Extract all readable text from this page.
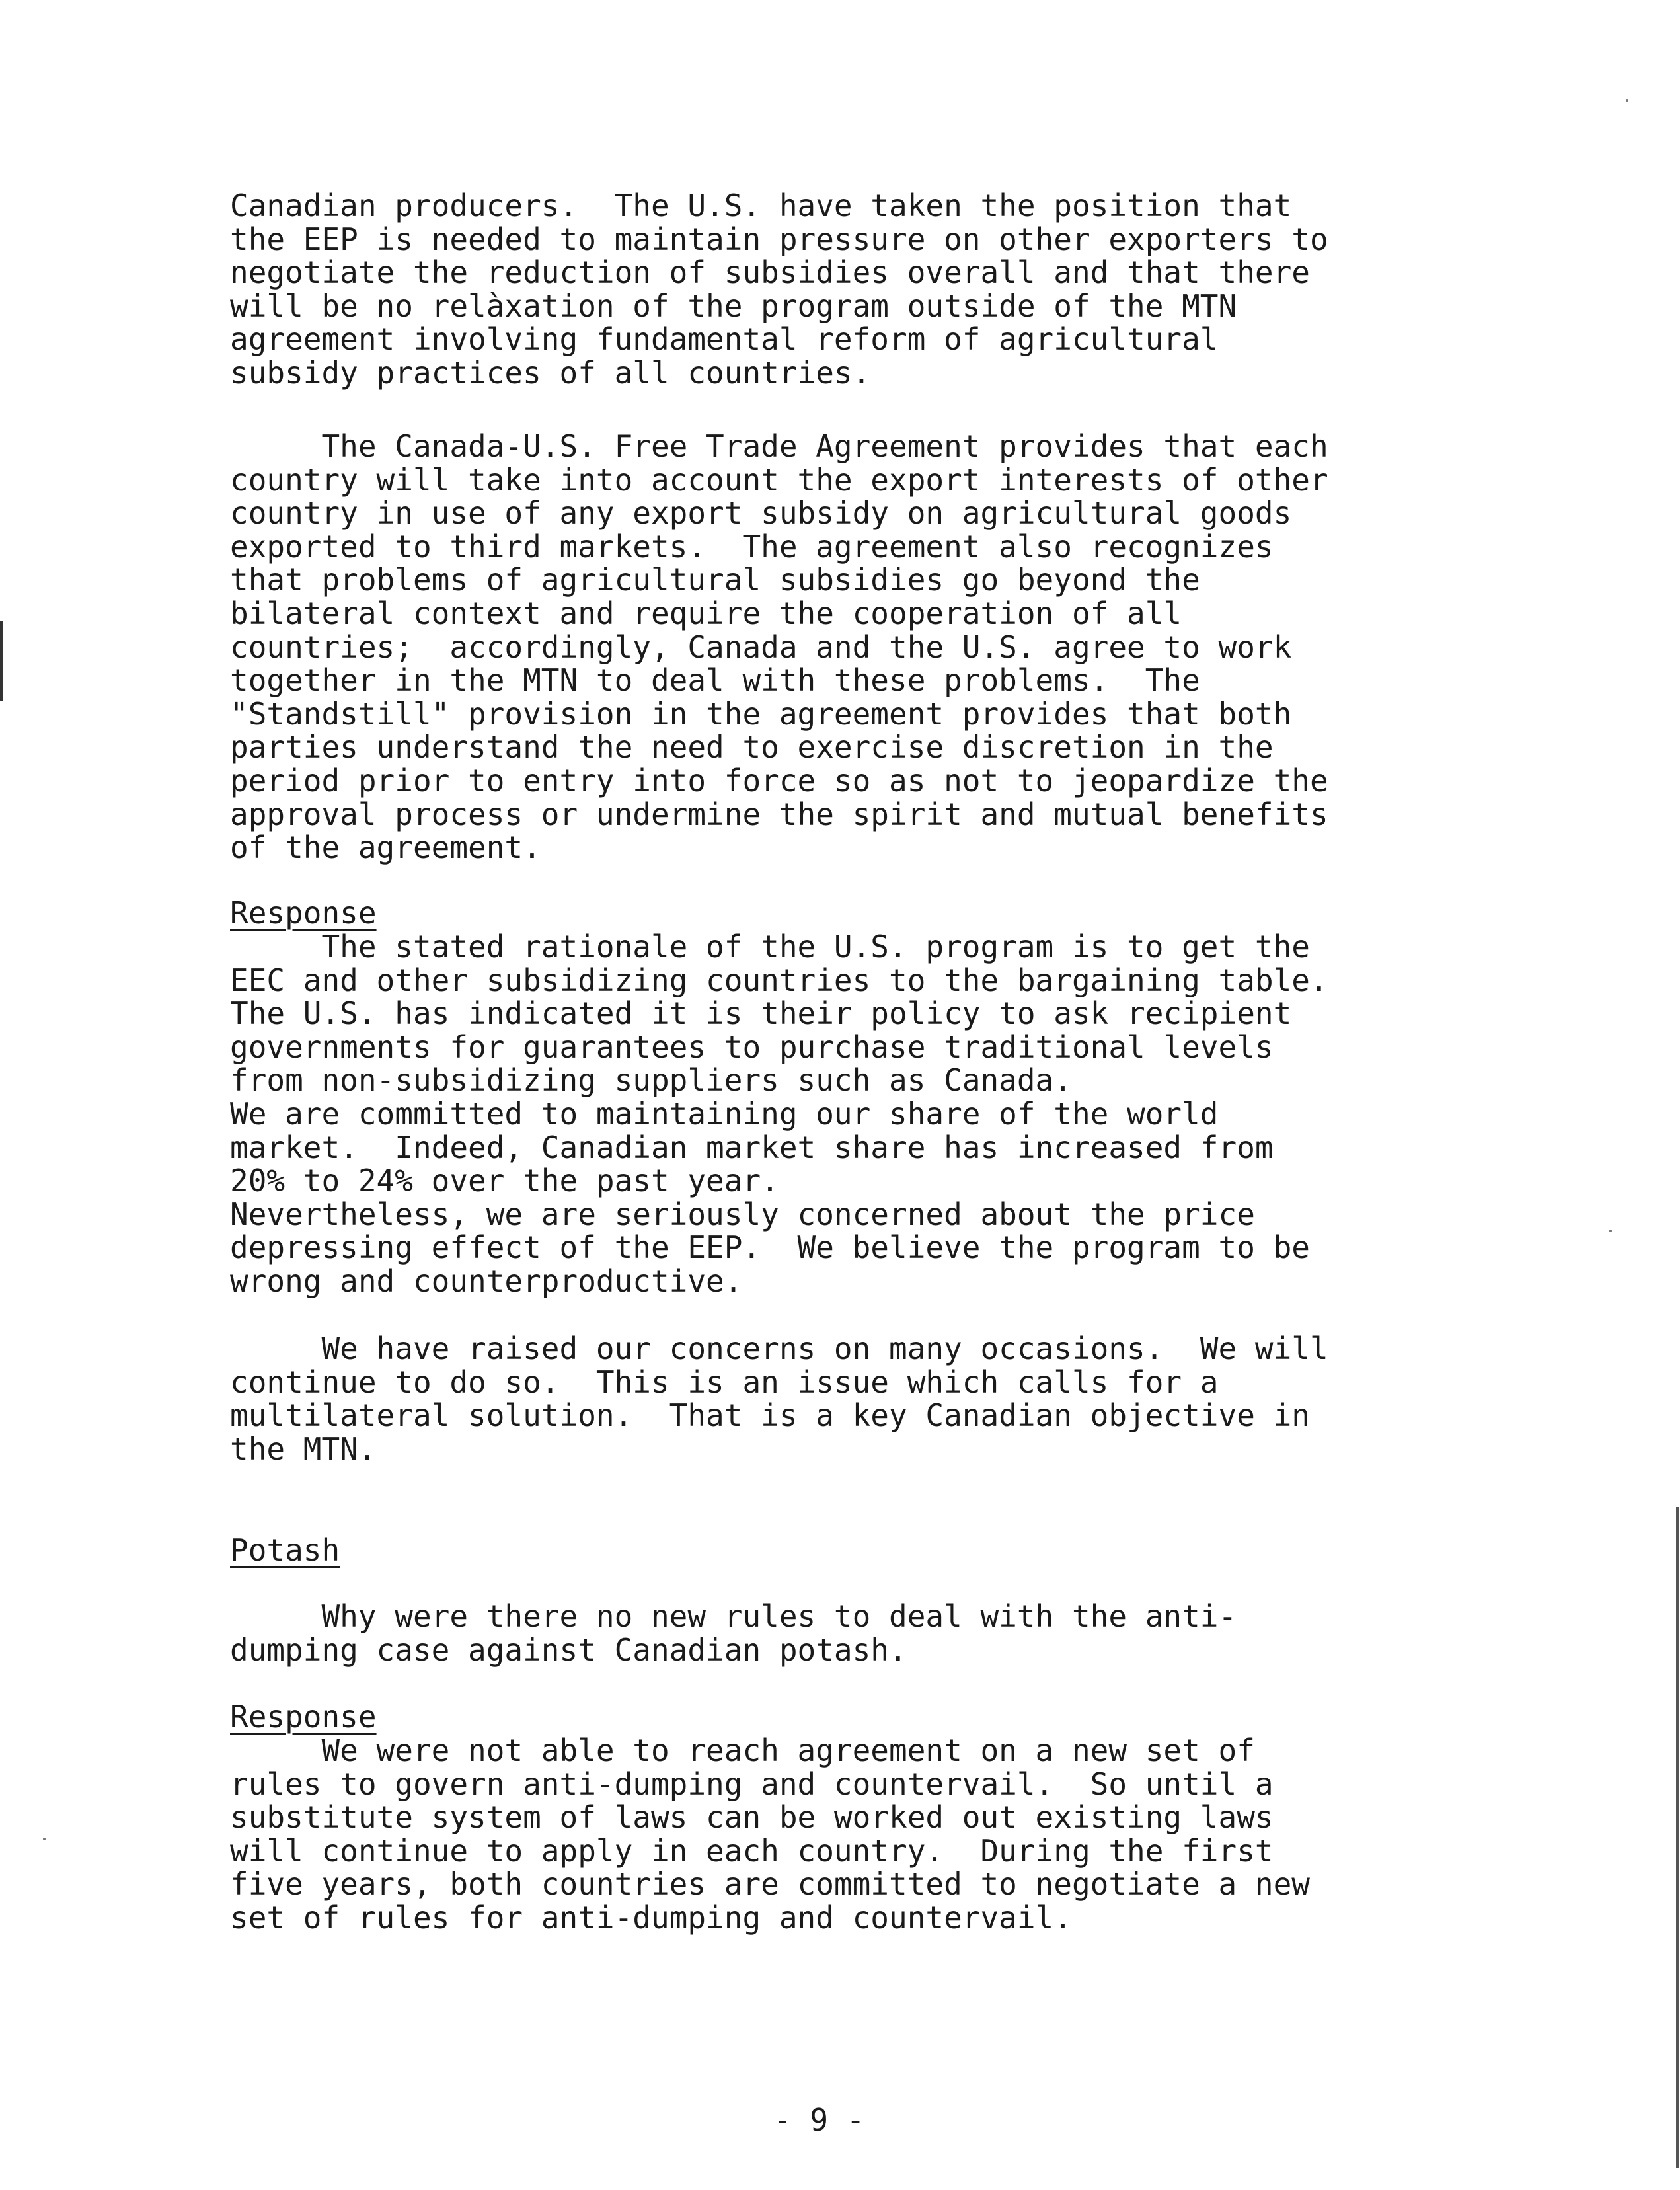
Canadian producers.  The U.S. have taken the position that
the EEP is needed to maintain pressure on other exporters to
negotiate the reduction of subsidies overall and that there
will be no relàxation of the program outside of the MTN
agreement involving fundamental reform of agricultural
subsidy practices of all countries.
The Canada-U.S. Free Trade Agreement provides that each
country will take into account the export interests of other
country in use of any export subsidy on agricultural goods
exported to third markets.  The agreement also recognizes
that problems of agricultural subsidies go beyond the
bilateral context and require the cooperation of all
countries;  accordingly, Canada and the U.S. agree to work
together in the MTN to deal with these problems.  The
"Standstill" provision in the agreement provides that both
parties understand the need to exercise discretion in the
period prior to entry into force so as not to jeopardize the
approval process or undermine the spirit and mutual benefits
of the agreement.
Response
The stated rationale of the U.S. program is to get the
EEC and other subsidizing countries to the bargaining table.
The U.S. has indicated it is their policy to ask recipient
governments for guarantees to purchase traditional levels
from non-subsidizing suppliers such as Canada.
We are committed to maintaining our share of the world
market.  Indeed, Canadian market share has increased from
20% to 24% over the past year.
Nevertheless, we are seriously concerned about the price
depressing effect of the EEP.  We believe the program to be
wrong and counterproductive.
We have raised our concerns on many occasions.  We will
continue to do so.  This is an issue which calls for a
multilateral solution.  That is a key Canadian objective in
the MTN.
Potash
Why were there no new rules to deal with the anti-
dumping case against Canadian potash.
Response
We were not able to reach agreement on a new set of
rules to govern anti-dumping and countervail.  So until a
substitute system of laws can be worked out existing laws
will continue to apply in each country.  During the first
five years, both countries are committed to negotiate a new
set of rules for anti-dumping and countervail.
- 9 -
